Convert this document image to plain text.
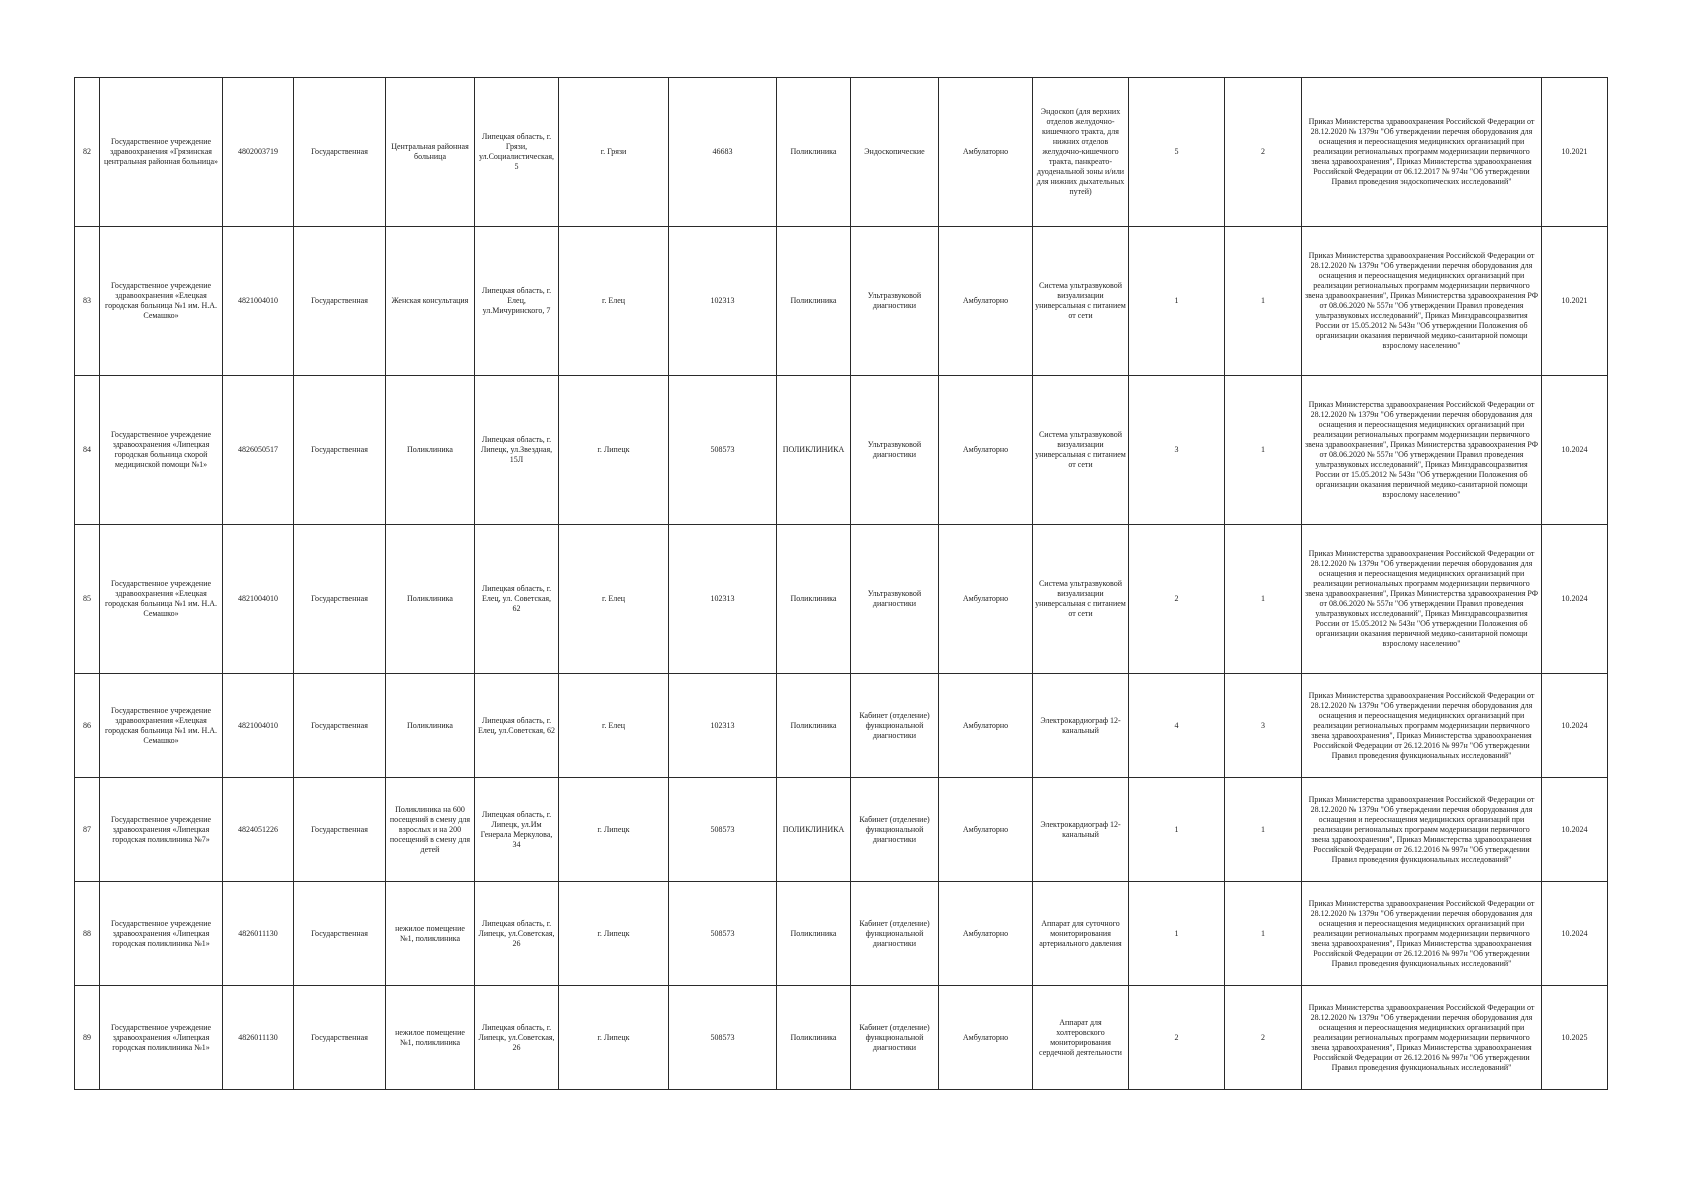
82	Государственное учреждение здравоохранения «Грязинская центральная районная больница»	4802003719	Государственная	Центральная районная больница	Липецкая область, г. Грязи, ул.Социалистическая, 5	г. Грязи	46683	Поликлиника	Эндоскопические	Амбулаторно	Эндоскоп (для верхних отделов желудочно-кишечного тракта, для нижних отделов желудочно-кишечного тракта, панкреато-дуоденальной зоны и/или для нижних дыхательных путей)	5	2	Приказ Министерства здравоохранения Российской Федерации от 28.12.2020 № 1379н "Об утверждении перечня оборудования для оснащения и переоснащения медицинских организаций при реализации региональных программ модернизации первичного звена здравоохранения", Приказ Министерства здравоохранения Российской Федерации от 06.12.2017 № 974н "Об утверждении Правил проведения эндоскопических исследований"	10.2021
83	Государственное учреждение здравоохранения «Елецкая городская больница №1 им. Н.А. Семашко»	4821004010	Государственная	Женская консультация	Липецкая область, г. Елец, ул.Мичуринского, 7	г. Елец	102313	Поликлиника	Ультразвуковой диагностики	Амбулаторно	Система ультразвуковой визуализации универсальная с питанием от сети	1	1	Приказ Министерства здравоохранения Российской Федерации от 28.12.2020 № 1379н "Об утверждении перечня оборудования для оснащения и переоснащения медицинских организаций при реализации региональных программ модернизации первичного звена здравоохранения", Приказ Министерства здравоохранения РФ от 08.06.2020 № 557н "Об утверждении Правил проведения ультразвуковых исследований", Приказ Минздравсоцразвития России от 15.05.2012 № 543н "Об утверждении Положения об организации оказания первичной медико-санитарной помощи взрослому населению"	10.2021
84	Государственное учреждение здравоохранения «Липецкая городская больница скорой медицинской помощи №1»	4826050517	Государственная	Поликлиника	Липецкая область, г. Липецк, ул.Звездная, 15Л	г. Липецк	508573	ПОЛИКЛИНИКА	Ультразвуковой диагностики	Амбулаторно	Система ультразвуковой визуализации универсальная с питанием от сети	3	1	Приказ Министерства здравоохранения Российской Федерации от 28.12.2020 № 1379н "Об утверждении перечня оборудования для оснащения и переоснащения медицинских организаций при реализации региональных программ модернизации первичного звена здравоохранения", Приказ Министерства здравоохранения РФ от 08.06.2020 № 557н "Об утверждении Правил проведения ультразвуковых исследований", Приказ Минздравсоцразвития России от 15.05.2012 № 543н "Об утверждении Положения об организации оказания первичной медико-санитарной помощи взрослому населению"	10.2024
85	Государственное учреждение здравоохранения «Елецкая городская больница №1 им. Н.А. Семашко»	4821004010	Государственная	Поликлиника	Липецкая область, г. Елец, ул. Советская, 62	г. Елец	102313	Поликлиника	Ультразвуковой диагностики	Амбулаторно	Система ультразвуковой визуализации универсальная с питанием от сети	2	1	Приказ Министерства здравоохранения Российской Федерации от 28.12.2020 № 1379н "Об утверждении перечня оборудования для оснащения и переоснащения медицинских организаций при реализации региональных программ модернизации первичного звена здравоохранения", Приказ Министерства здравоохранения РФ от 08.06.2020 № 557н "Об утверждении Правил проведения ультразвуковых исследований", Приказ Минздравсоцразвития России от 15.05.2012 № 543н "Об утверждении Положения об организации оказания первичной медико-санитарной помощи взрослому населению"	10.2024
86	Государственное учреждение здравоохранения «Елецкая городская больница №1 им. Н.А. Семашко»	4821004010	Государственная	Поликлиника	Липецкая область, г. Елец, ул.Советская, 62	г. Елец	102313	Поликлиника	Кабинет (отделение) функциональной диагностики	Амбулаторно	Электрокардиограф 12-канальный	4	3	Приказ Министерства здравоохранения Российской Федерации от 28.12.2020 № 1379н "Об утверждении перечня оборудования для оснащения и переоснащения медицинских организаций при реализации региональных программ модернизации первичного звена здравоохранения", Приказ Министерства здравоохранения Российской Федерации от 26.12.2016 № 997н "Об утверждении Правил проведения функциональных исследований"	10.2024
87	Государственное учреждение здравоохранения «Липецкая городская поликлиника №7»	4824051226	Государственная	Поликлиника на 600 посещений в смену для взрослых и на 200 посещений в смену для детей	Липецкая область, г. Липецк, ул.Им Генерала Меркулова, 34	г. Липецк	508573	ПОЛИКЛИНИКА	Кабинет (отделение) функциональной диагностики	Амбулаторно	Электрокардиограф 12-канальный	1	1	Приказ Министерства здравоохранения Российской Федерации от 28.12.2020 № 1379н "Об утверждении перечня оборудования для оснащения и переоснащения медицинских организаций при реализации региональных программ модернизации первичного звена здравоохранения", Приказ Министерства здравоохранения Российской Федерации от 26.12.2016 № 997н "Об утверждении Правил проведения функциональных исследований"	10.2024
88	Государственное учреждение здравоохранения «Липецкая городская поликлиника №1»	4826011130	Государственная	нежилое помещение №1, поликлиника	Липецкая область, г. Липецк, ул.Советская, 26	г. Липецк	508573	Поликлиника	Кабинет (отделение) функциональной диагностики	Амбулаторно	Аппарат для суточного мониторирования артериального давления	1	1	Приказ Министерства здравоохранения Российской Федерации от 28.12.2020 № 1379н "Об утверждении перечня оборудования для оснащения и переоснащения медицинских организаций при реализации региональных программ модернизации первичного звена здравоохранения", Приказ Министерства здравоохранения Российской Федерации от 26.12.2016 № 997н "Об утверждении Правил проведения функциональных исследований"	10.2024
89	Государственное учреждение здравоохранения «Липецкая городская поликлиника №1»	4826011130	Государственная	нежилое помещение №1, поликлиника	Липецкая область, г. Липецк, ул.Советская, 26	г. Липецк	508573	Поликлиника	Кабинет (отделение) функциональной диагностики	Амбулаторно	Аппарат для холтеровского мониторирования сердечной деятельности	2	2	Приказ Министерства здравоохранения Российской Федерации от 28.12.2020 № 1379н "Об утверждении перечня оборудования для оснащения и переоснащения медицинских организаций при реализации региональных программ модернизации первичного звена здравоохранения", Приказ Министерства здравоохранения Российской Федерации от 26.12.2016 № 997н "Об утверждении Правил проведения функциональных исследований"	10.2025
